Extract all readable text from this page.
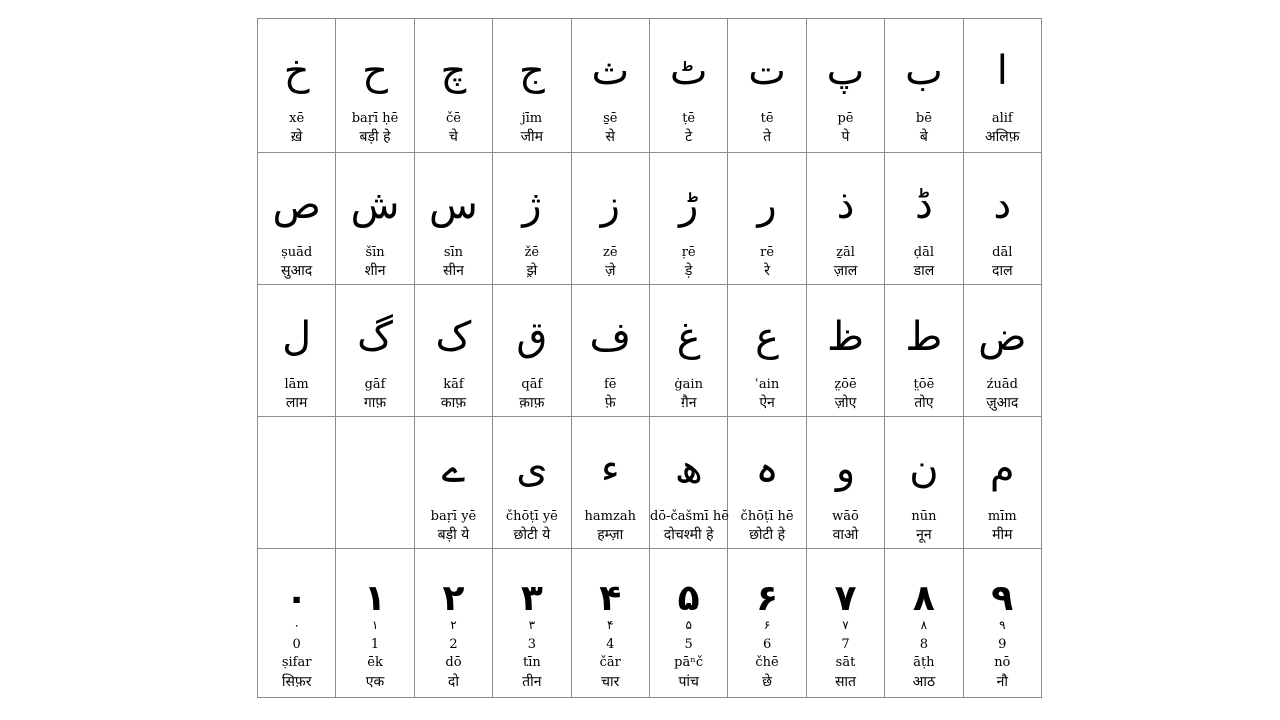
ا
alif
अलिफ़
ب
bē
बे
پ
pē
पे
ت
tē
ते
ٹ
ṭē
टे
ث
s̱ē
से
ج
jīm
जीम
چ
čē
चे
ح
baṛī ḥē
बड़ी हे
خ
xē
ख़े
د
dāl
दाल
ڈ
ḍāl
डाल
ذ
ẕāl
ज़ाल
ر
rē
रे
ڑ
ṛē
ड़े
ز
zē
ज़े
ژ
žē
झ़े
س
sīn
सीन
ش
šīn
शीन
ص
ṣuād
सुआद
ض
źuād
ज़ुआद
ط
t̤ōē
तोए
ظ
z̤ōē
ज़ोए
ع
ʿain
ऐन
غ
ġain
ग़ैन
ف
fē
फ़े
ق
qāf
क़ाफ़
ک
kāf
काफ़
گ
gāf
गाफ़
ل
lām
लाम
م
mīm
मीम
ن
nūn
नून
و
wāō
वाओ
ہ
čhōṭī hē
छोटी हे
ھ
dō-čašmī hē
दोचश्मी हे
ء
hamzah
हम्ज़ा
ی
čhōṭī yē
छोटी ये
ے
baṛī yē
बड़ी ये
۹
۹
9
nō
नौ
۸
۸
8
āṭh
आठ
۷
۷
7
sāt
सात
۶
۶
6
čhē
छे
۵
۵
5
pāⁿč
पांच
۴
۴
4
čār
चार
۳
۳
3
tīn
तीन
۲
۲
2
dō
दो
۱
۱
1
ēk
एक
۰
۰
0
ṣifar
सिफ़र
